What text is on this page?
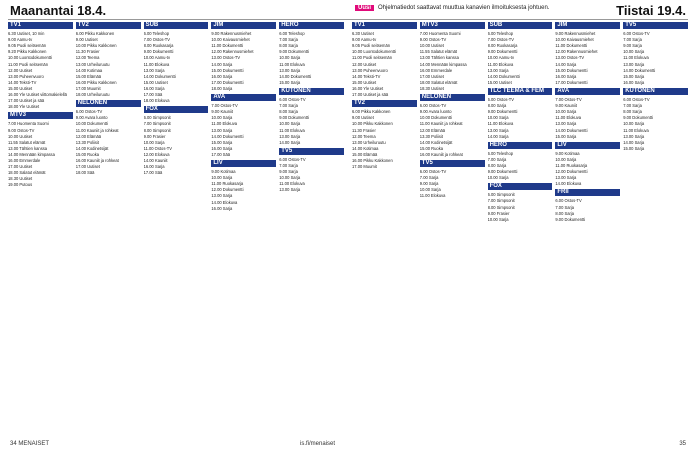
Maanantai 18.4.	Uusi	Ohjelmatiedot saattavat muuttua kanavien ilmoituksesta johtuen.	Tiistai 19.4.
TV1
6.30 Uutiset, 10 min
9.00 Aamu-tv
9.05 Puoli seitsemän
9.20 Pikku Kakkonen
10.00 Luontodokumentti
11.00 Puoli seitsemän
12.00 Uutiset
13.00 Puheenvuoro
14.00 Teksti-TV
15.00 Uutiset
16.00 Yle Uutiset viittomakielellä
17.00 Uutiset ja sää
18.00 Yle Uutiset
MTV3
7.00 Huomenta Suomi
9.00 Ostos-TV
10.00 Uutiset
11.55 Salatut elämät
13.00 Tähtien kanssa
14.00 Mennään kimpassa
16.00 Emmerdale
17.00 Uutiset
18.00 Salatut elämät
18.30 Uutiset
19.00 Putous
TV2
6.00 Pikku Kakkonen
9.00 Uutiset
10.00 Pikku Kakkonen
11.30 Frasier
12.00 Teema
13.00 Urheiluruutu
14.00 Kotimaa
15.00 Elämää
16.00 Pikku Kakkonen
17.00 Muumit
18.00 Urheiluruutu
NELONEN
6.00 Ostos-TV
9.00 Avara luonto
10.00 Dokumentti
11.00 Kauniit ja rohkeat
12.00 Elämää
13.30 Poliisit
14.00 Kodinetsijät
15.00 Ruoka
16.00 Kauniit ja rohkeat
17.00 Uutiset
18.00 Sää
SUB
6.00 Teleshop
7.00 Ostos-TV
8.00 Ruokasarja
9.00 Dokumentti
10.00 Aamu-tv
11.00 Elokuva
13.00 Sarja
14.00 Dokumentti
15.00 Uutiset
16.00 Sarja
17.00 Sää
18.00 Elokuva
FOX
6.00 Simpsonit
7.00 Simpsonit
8.00 Simpsonit
9.00 Frasier
10.00 Sarja
11.00 Ostos-TV
12.00 Elokuva
14.00 Kauniit
16.00 Sarja
17.00 Sää
JIM
9.00 Rakennusmiehet
10.00 Kaivausmiehet
11.00 Dokumentti
12.00 Rakennusmiehet
13.00 Ostos-TV
14.00 Sarja
15.00 Dokumentti
16.00 Sarja
17.00 Dokumentti
18.00 Sarja
AVA
7.00 Ostos-TV
9.00 Kauniit
10.00 Sarja
11.00 Elokuva
13.00 Sarja
14.00 Dokumentti
15.00 Sarja
16.00 Sarja
17.00 Sää
LIV
9.00 Kotimaa
10.00 Sarja
11.00 Ruokasarja
12.00 Dokumentti
13.00 Sarja
14.00 Elokuva
16.00 Sarja
HERO
6.00 Teleshop
7.00 Sarja
8.00 Sarja
9.00 Dokumentti
10.00 Sarja
11.00 Elokuva
13.00 Sarja
14.00 Dokumentti
15.00 Sarja
KUTONEN
6.00 Ostos-TV
7.00 Sarja
8.00 Sarja
9.00 Dokumentti
10.00 Sarja
11.00 Elokuva
13.00 Sarja
14.00 Sarja
TV5
6.00 Ostos-TV
7.00 Sarja
9.00 Sarja
10.00 Sarja
11.00 Elokuva
13.00 Sarja
TV1
6.30 Uutiset
9.00 Aamu-tv
9.05 Puoli seitsemän
10.00 Luontodokumentti
11.00 Puoli seitsemän
12.00 Uutiset
13.00 Puheenvuoro
14.00 Teksti-TV
15.00 Uutiset
16.00 Yle Uutiset
17.00 Uutiset ja sää
TV2
6.00 Pikku Kakkonen
9.00 Uutiset
10.00 Pikku Kakkonen
11.30 Frasier
12.00 Teema
13.00 Urheiluruutu
14.00 Kotimaa
15.00 Elämää
16.00 Pikku Kakkonen
17.00 Muumit
MTV3
7.00 Huomenta Suomi
9.00 Ostos-TV
10.00 Uutiset
11.55 Salatut elämät
13.00 Tähtien kanssa
14.00 Mennään kimpassa
16.00 Emmerdale
17.00 Uutiset
18.00 Salatut elämät
18.30 Uutiset
NELONEN
6.00 Ostos-TV
9.00 Avara luonto
10.00 Dokumentti
11.00 Kauniit ja rohkeat
12.00 Elämää
13.30 Poliisit
14.00 Kodinetsijät
15.00 Ruoka
16.00 Kauniit ja rohkeat
TV5
6.00 Ostos-TV
7.00 Sarja
9.00 Sarja
10.00 Sarja
11.00 Elokuva
SUB
6.00 Teleshop
7.00 Ostos-TV
8.00 Ruokasarja
9.00 Dokumentti
10.00 Aamu-tv
11.00 Elokuva
13.00 Sarja
14.00 Dokumentti
15.00 Uutiset
TLC TEEMA & FEM
6.00 Ostos-TV
8.00 Sarja
9.00 Dokumentti
10.00 Sarja
11.00 Elokuva
13.00 Sarja
14.00 Sarja
HERO
6.00 Teleshop
7.00 Sarja
8.00 Sarja
9.00 Dokumentti
10.00 Sarja
FOX
6.00 Simpsonit
7.00 Simpsonit
8.00 Simpsonit
9.00 Frasier
10.00 Sarja
JIM
9.00 Rakennusmiehet
10.00 Kaivausmiehet
11.00 Dokumentti
12.00 Rakennusmiehet
13.00 Ostos-TV
14.00 Sarja
15.00 Dokumentti
16.00 Sarja
17.00 Dokumentti
AVA
7.00 Ostos-TV
9.00 Kauniit
10.00 Sarja
11.00 Elokuva
13.00 Sarja
14.00 Dokumentti
15.00 Sarja
LIV
9.00 Kotimaa
10.00 Sarja
11.00 Ruokasarja
12.00 Dokumentti
13.00 Sarja
14.00 Elokuva
FRII
6.00 Ostos-TV
7.00 Sarja
8.00 Sarja
9.00 Dokumentti
TV5
6.00 Ostos-TV
7.00 Sarja
9.00 Sarja
10.00 Sarja
11.00 Elokuva
13.00 Sarja
14.00 Dokumentti
15.00 Sarja
16.00 Sarja
KUTONEN
6.00 Ostos-TV
7.00 Sarja
8.00 Sarja
9.00 Dokumentti
10.00 Sarja
11.00 Elokuva
13.00 Sarja
14.00 Sarja
15.00 Sarja
34 MENAISET	is.fi/menaiset	35
